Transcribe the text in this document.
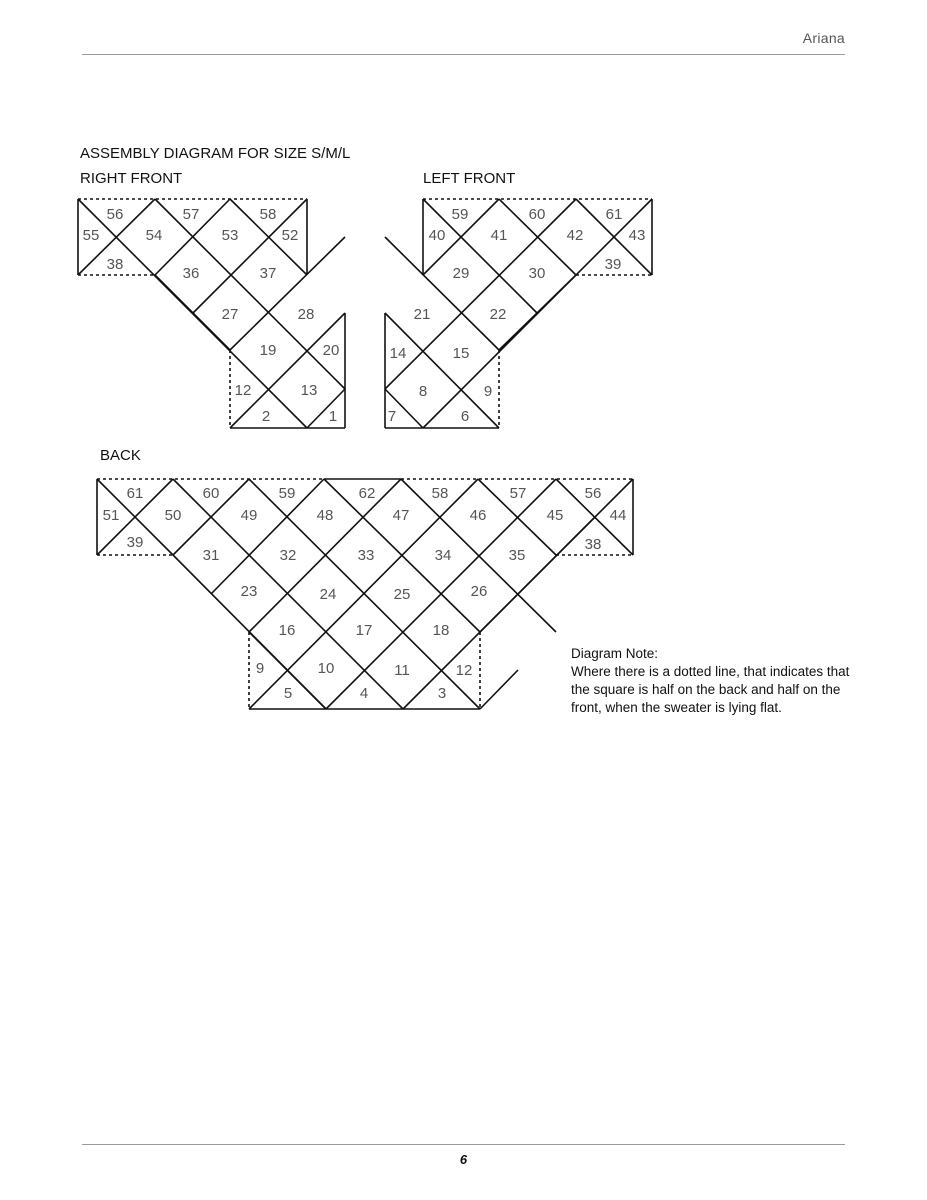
Ariana
ASSEMBLY DIAGRAM FOR SIZE S/M/L
RIGHT FRONT	LEFT FRONT
BACK
56	57	58
55	54	53	52
38
36	37
27	28
19	20
12	13
2	1
59	60	61
40	41	42	43
39
29	30
21	22
14	15
8	9
7	6
61	60	59	62	58	57	56
51	50	49	48	47	46	45	44
39	38
31	32	33	34	35
23	24	25	26
16	17	18
9	10	11	12
5	4	3
Diagram Note:
Where there is a dotted line, that indicates that
the square is half on the back and half on the
front, when the sweater is lying flat.
6
